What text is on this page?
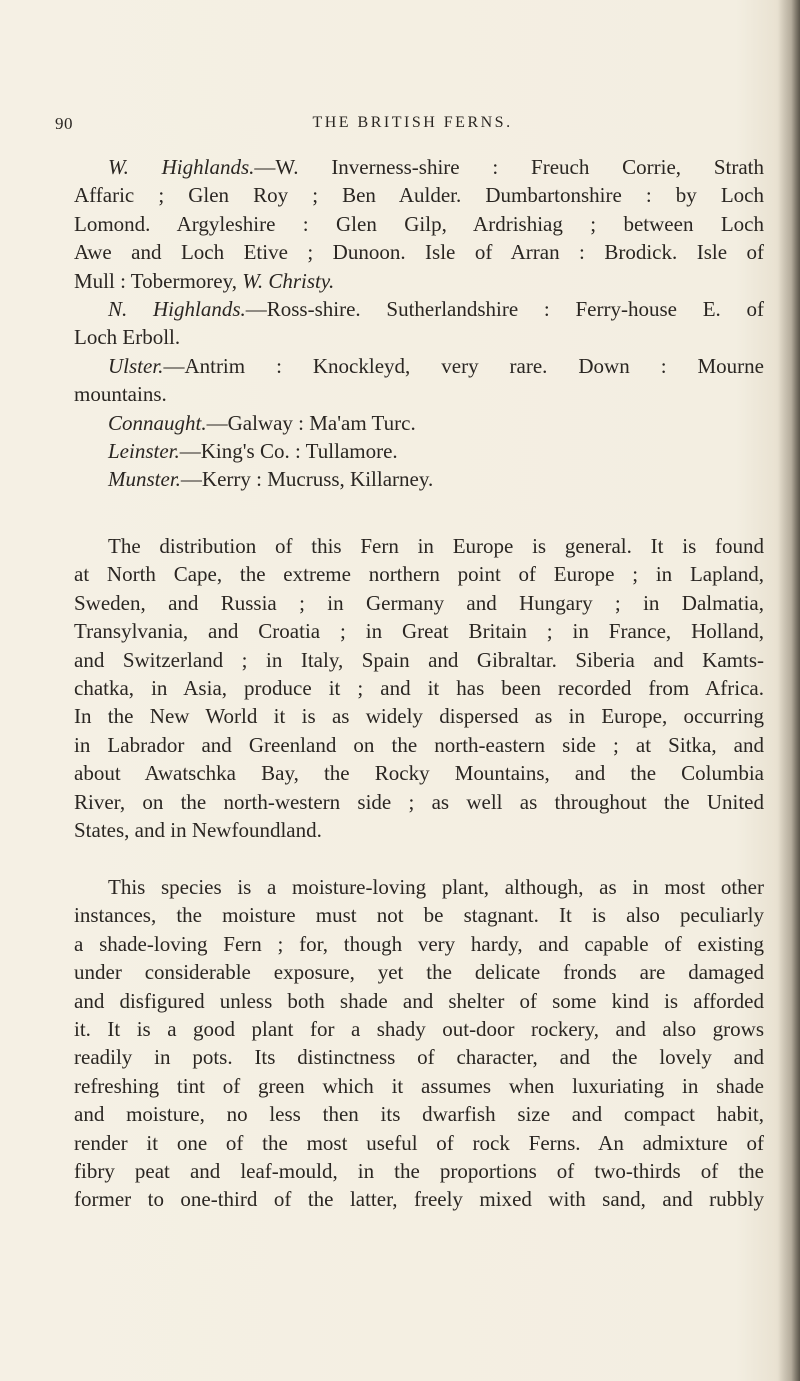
90	THE BRITISH FERNS.
W. Highlands.—W. Inverness-shire : Freuch Corrie, Strath
Affaric ; Glen Roy ; Ben Aulder. Dumbartonshire : by Loch
Lomond. Argyleshire : Glen Gilp, Ardrishiag ; between Loch
Awe and Loch Etive ; Dunoon. Isle of Arran : Brodick. Isle of
Mull : Tobermorey, W. Christy.
N. Highlands.—Ross-shire. Sutherlandshire : Ferry-house E. of
Loch Erboll.
Ulster.—Antrim : Knockleyd, very rare. Down : Mourne
mountains.
Connaught.—Galway : Ma'am Turc.
Leinster.—King's Co. : Tullamore.
Munster.—Kerry : Mucruss, Killarney.
The distribution of this Fern in Europe is general. It is found
at North Cape, the extreme northern point of Europe ; in Lapland,
Sweden, and Russia ; in Germany and Hungary ; in Dalmatia,
Transylvania, and Croatia ; in Great Britain ; in France, Holland,
and Switzerland ; in Italy, Spain and Gibraltar. Siberia and Kamts-
chatka, in Asia, produce it ; and it has been recorded from Africa.
In the New World it is as widely dispersed as in Europe, occurring
in Labrador and Greenland on the north-eastern side ; at Sitka, and
about Awatschka Bay, the Rocky Mountains, and the Columbia
River, on the north-western side ; as well as throughout the United
States, and in Newfoundland.
This species is a moisture-loving plant, although, as in most other
instances, the moisture must not be stagnant. It is also peculiarly
a shade-loving Fern ; for, though very hardy, and capable of existing
under considerable exposure, yet the delicate fronds are damaged
and disfigured unless both shade and shelter of some kind is afforded
it. It is a good plant for a shady out-door rockery, and also grows
readily in pots. Its distinctness of character, and the lovely and
refreshing tint of green which it assumes when luxuriating in shade
and moisture, no less then its dwarfish size and compact habit,
render it one of the most useful of rock Ferns. An admixture of
fibry peat and leaf-mould, in the proportions of two-thirds of the
former to one-third of the latter, freely mixed with sand, and rubbly
